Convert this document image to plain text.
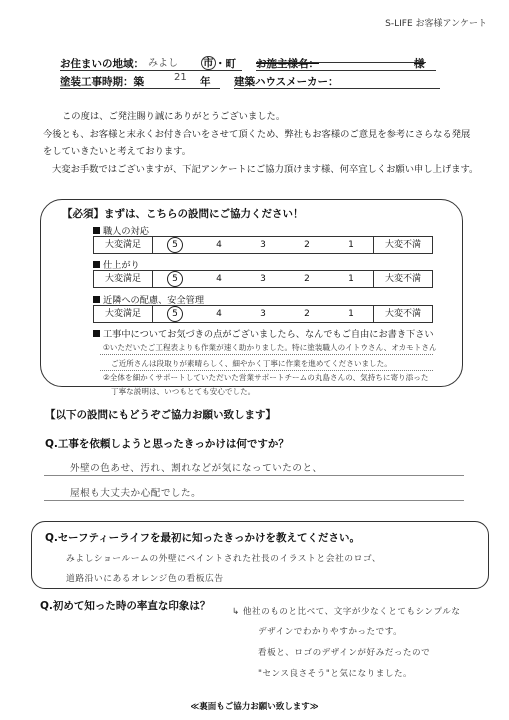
S-LIFE お客様アンケート
お住まいの地域： みよし 市 ・町 お施主様名：	様
塗装工事時期：築	21 年 建築ハウスメーカー：
この度は、ご発注賜り誠にありがとうございました。
今後とも、お客様と末永くお付き合いをさせて頂くため、弊社もお客様のご意見を参考にさらなる発展
をしていきたいと考えております。
大変お手数ではございますが、下記アンケートにご協力頂けます様、何卒宜しくお願い申し上げます。
【必須】まずは、こちらの設問にご協力ください！
職人の対応
大変満足	5	4	3	2	1	大変不満
仕上がり
大変満足	5	4	3	2	1	大変不満
近隣への配慮、安全管理
大変満足	5	4	3	2	1	大変不満
工事中についてお気づきの点がございましたら、なんでもご自由にお書き下さい
①いただいたご工程表よりも作業が速く助かりました。特に塗装職人のイトウさん、オカモトさん
ご近所さんは段取りが素晴らしく、細やかく丁寧に作業を進めてくださいました。
②全体を細かくサポートしていただいた営業サポートチームの丸島さんの、気持ちに寄り添った
丁寧な説明は、いつもとても安心でした。
【以下の設問にもどうぞご協力お願い致します】
Q.工事を依頼しようと思ったきっかけは何ですか？
外壁の色あせ、汚れ、割れなどが気になっていたのと、
屋根も大丈夫か心配でした。
Q.セーフティーライフを最初に知ったきっかけを教えてください。
みよしショールームの外壁にペイントされた社長のイラストと会社のロゴ、
道路沿いにあるオレンジ色の看板広告
Q.初めて知った時の率直な印象は？	↳ 他社のものと比べて、文字が少なくとてもシンプルな
デザインでわかりやすかったです。
看板と、ロゴのデザインが好みだったので
"センス良さそう"と気になりました。
≪裏面もご協力お願い致します≫
